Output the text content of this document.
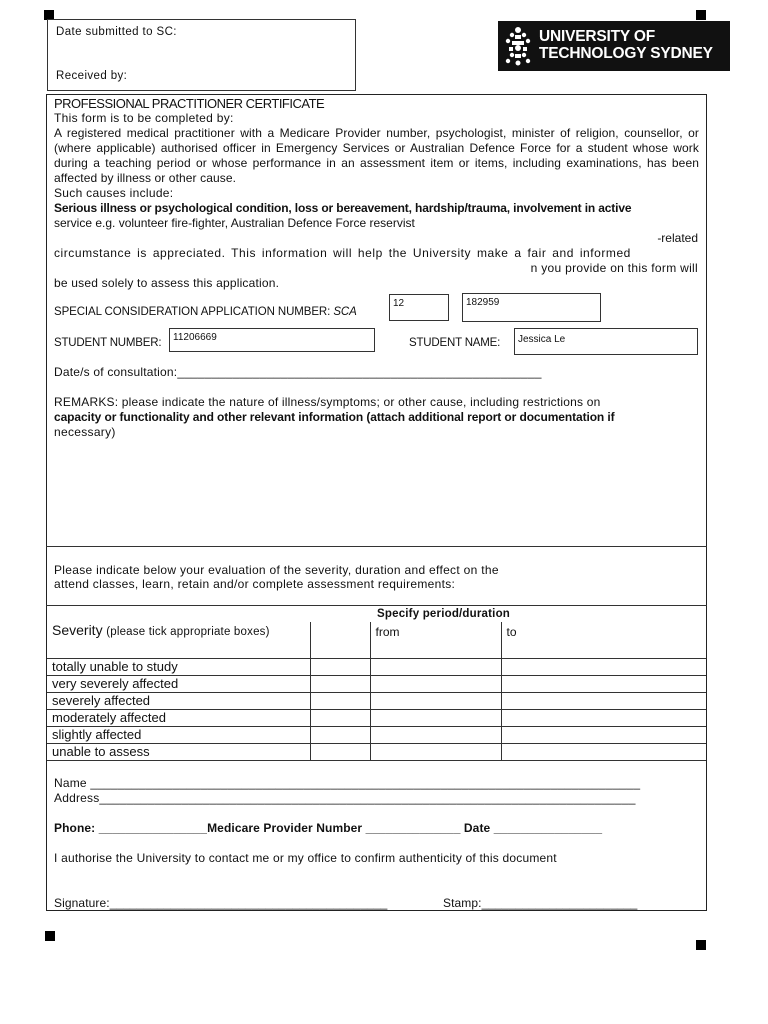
Date submitted to SC:
Received by:
UNIVERSITY OF
TECHNOLOGY SYDNEY
PROFESSIONAL PRACTITIONER CERTIFICATE
This form is to be completed by:
A registered medical practitioner with a Medicare Provider number, psychologist, minister of religion, counsellor, or (where applicable) authorised officer in Emergency Services or Australian Defence Force for a student whose work during a teaching period or whose performance in an assessment item or items, including examinations, has been affected by illness or other cause.
Such causes include:
Serious illness or psychological condition, loss or bereavement, hardship/trauma, involvement in active
service e.g. volunteer fire-fighter, Australian Defence Force reservist
-related
circumstance is appreciated. This information will help the University make a fair and informed
n you provide on this form will
be used solely to assess this application.
SPECIAL CONSIDERATION APPLICATION NUMBER: SCA
12	182959
STUDENT NUMBER:	11206669	STUDENT NAME:	Jessica Le
Date/s of consultation:_____________________________________________________
REMARKS: please indicate the nature of illness/symptoms; or other cause, including restrictions on
capacity or functionality and other relevant information (attach additional report or documentation if
necessary)
Please indicate below your evaluation of the severity, duration and effect on the
attend classes, learn, retain and/or complete assessment requirements:
Specify period/duration
Severity (please tick appropriate boxes)		from	to
totally unable to study			
very severely affected			
severely affected			
moderately affected			
slightly affected			
unable to assess			
Name ________________________________________________________________________________
Address______________________________________________________________________________
Phone: ________________Medicare Provider Number ______________ Date ________________
I authorise the University to contact me or my office to confirm authenticity of this document
Signature:_________________________________________	Stamp:_______________________
